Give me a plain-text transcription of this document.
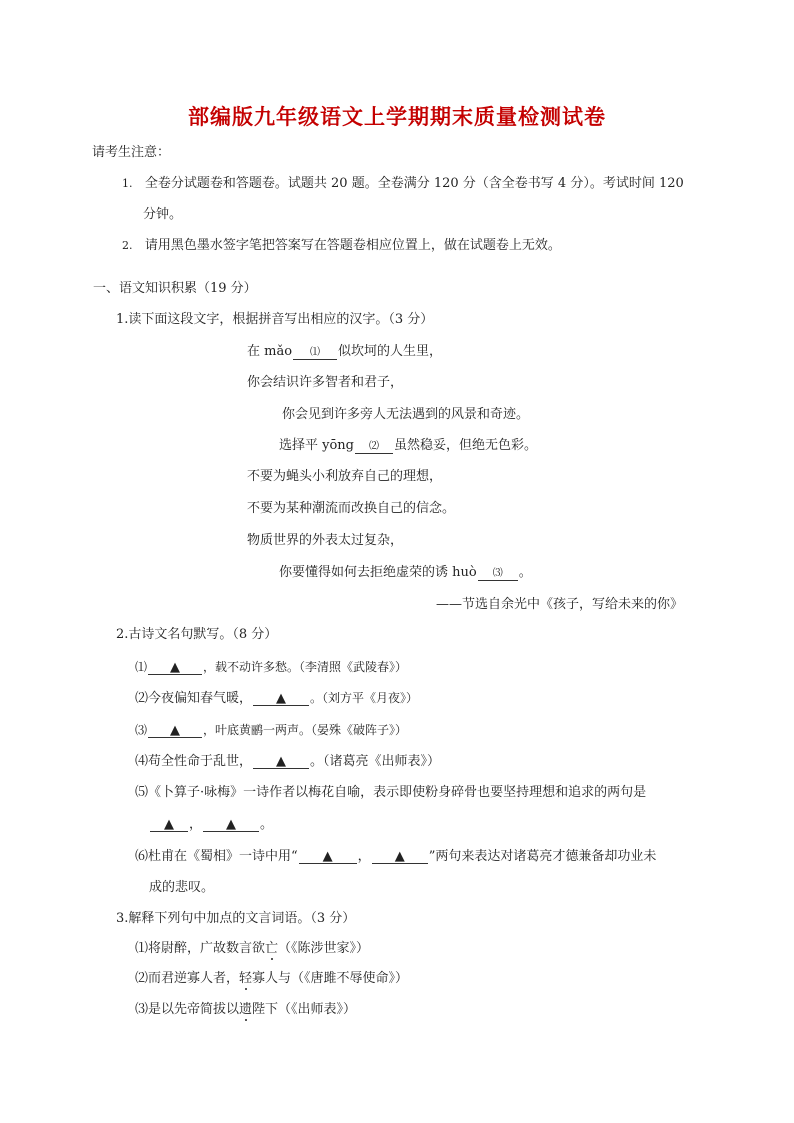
部编版九年级语文上学期期末质量检测试卷
请考生注意：
1. 全卷分试题卷和答题卷。试题共 20 题。全卷满分 120 分（含全卷书写 4 分）。考试时间 120
分钟。
2. 请用黑色墨水签字笔把答案写在答题卷相应位置上，做在试题卷上无效。
一、语文知识积累（19 分）
1.读下面这段文字，根据拼音写出相应的汉字。（3 分）
在 mǎo ⑴ 似坎坷的人生里，
你会结识许多智者和君子，
你会见到许多旁人无法遇到的风景和奇迹。
选择平 yōng ⑵ 虽然稳妥，但绝无色彩。
不要为蝇头小利放弃自己的理想，
不要为某种潮流而改换自己的信念。
物质世界的外表太过复杂，
你要懂得如何去拒绝虚荣的诱 huò ⑶ 。
——节选自余光中《孩子，写给未来的你》
2.古诗文名句默写。（8 分）
⑴ ▲ ，载不动许多愁。（李清照《武陵春》）
⑵今夜偏知春气暖， ▲ 。（刘方平《月夜》）
⑶ ▲ ，叶底黄鹂一两声。（晏殊《破阵子》）
⑷苟全性命于乱世， ▲ 。（诸葛亮《出师表》）
⑸《卜算子·咏梅》一诗作者以梅花自喻，表示即使粉身碎骨也要坚持理想和追求的两句是
▲ ， ▲ 。
⑹杜甫在《蜀相》一诗中用“ ▲ ， ▲ ”两句来表达对诸葛亮才德兼备却功业未
成的悲叹。
3.解释下列句中加点的文言词语。（3 分）
⑴将尉醉，广故数言欲亡（《陈涉世家》）
⑵而君逆寡人者，轻寡人与（《唐雎不辱使命》）
⑶是以先帝简拔以遗陛下（《出师表》）
